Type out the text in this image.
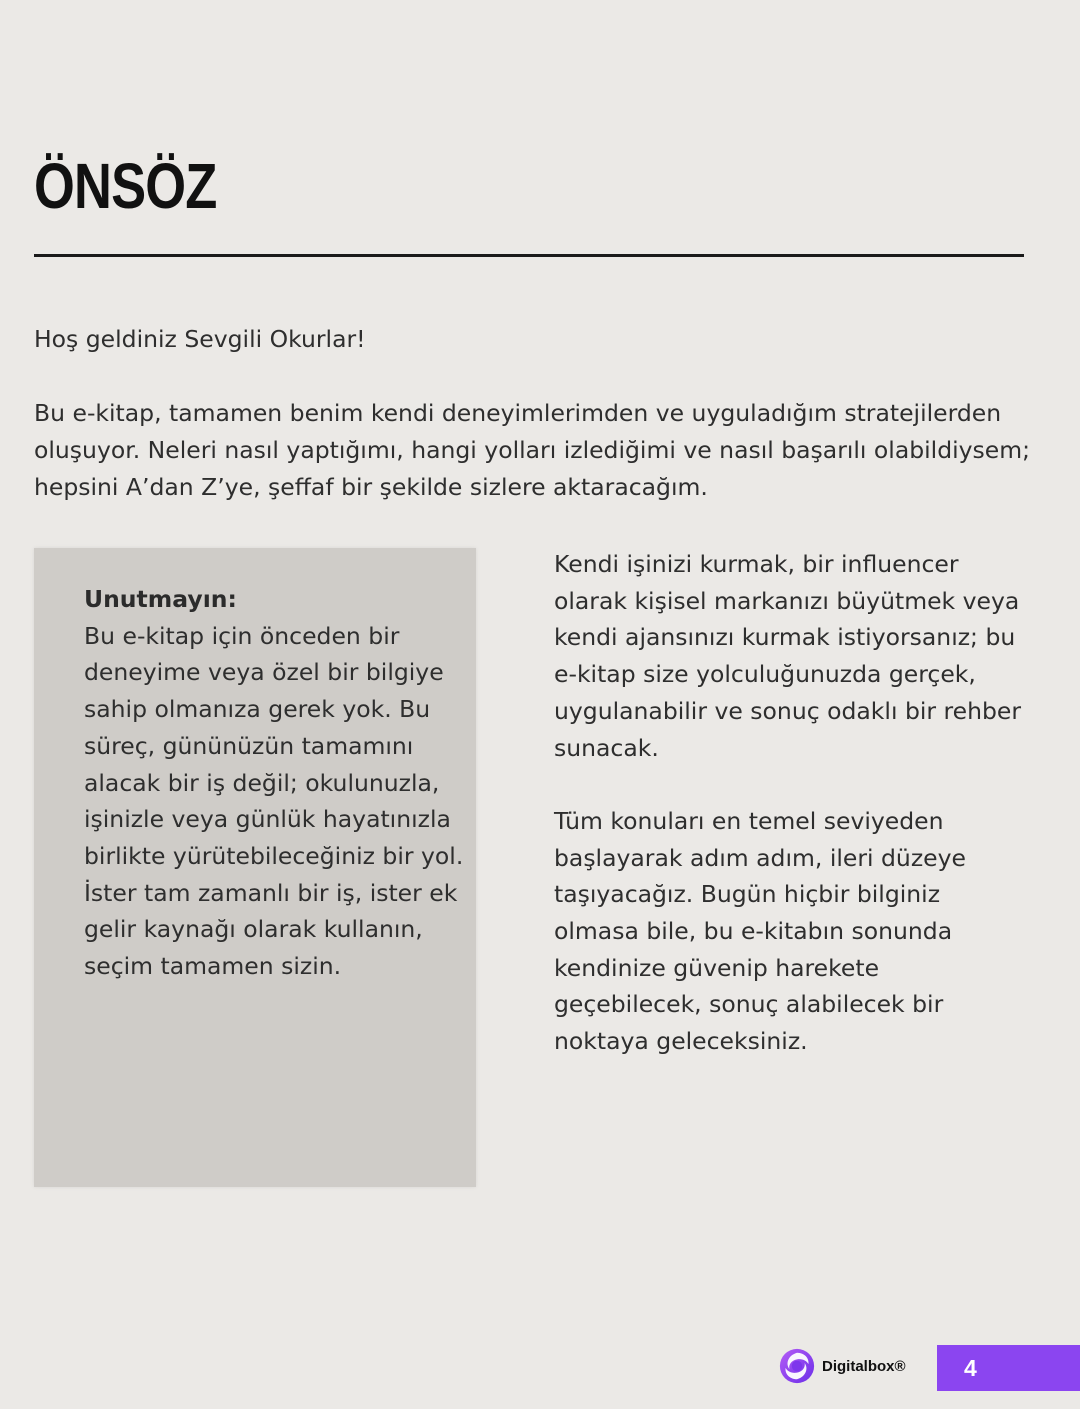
ÖNSÖZ

Hoş geldiniz Sevgili Okurlar!

Bu e-kitap, tamamen benim kendi deneyimlerimden ve uyguladığım stratejilerden oluşuyor. Neleri nasıl yaptığımı, hangi yolları izlediğimi ve nasıl başarılı olabildiysem; hepsini A’dan Z’ye, şeffaf bir şekilde sizlere aktaracağım.

Unutmayın:

Bu e-kitap için önceden bir deneyime veya özel bir bilgiye sahip olmanıza gerek yok. Bu süreç, gününüzün tamamını alacak bir iş değil; okulunuzla, işinizle veya günlük hayatınızla birlikte yürütebileceğiniz bir yol. İster tam zamanlı bir iş, ister ek gelir kaynağı olarak kullanın, seçim tamamen sizin.

Kendi işinizi kurmak, bir influencer olarak kişisel markanızı büyütmek veya kendi ajansınızı kurmak istiyorsanız; bu e-kitap size yolculuğunuzda gerçek, uygulanabilir ve sonuç odaklı bir rehber sunacak.

Tüm konuları en temel seviyeden başlayarak adım adım, ileri düzeye taşıyacağız. Bugün hiçbir bilginiz olmasa bile, bu e-kitabın sonunda kendinize güvenip harekete geçebilecek, sonuç alabilecek bir noktaya geleceksiniz.

Digitalbox®	4
